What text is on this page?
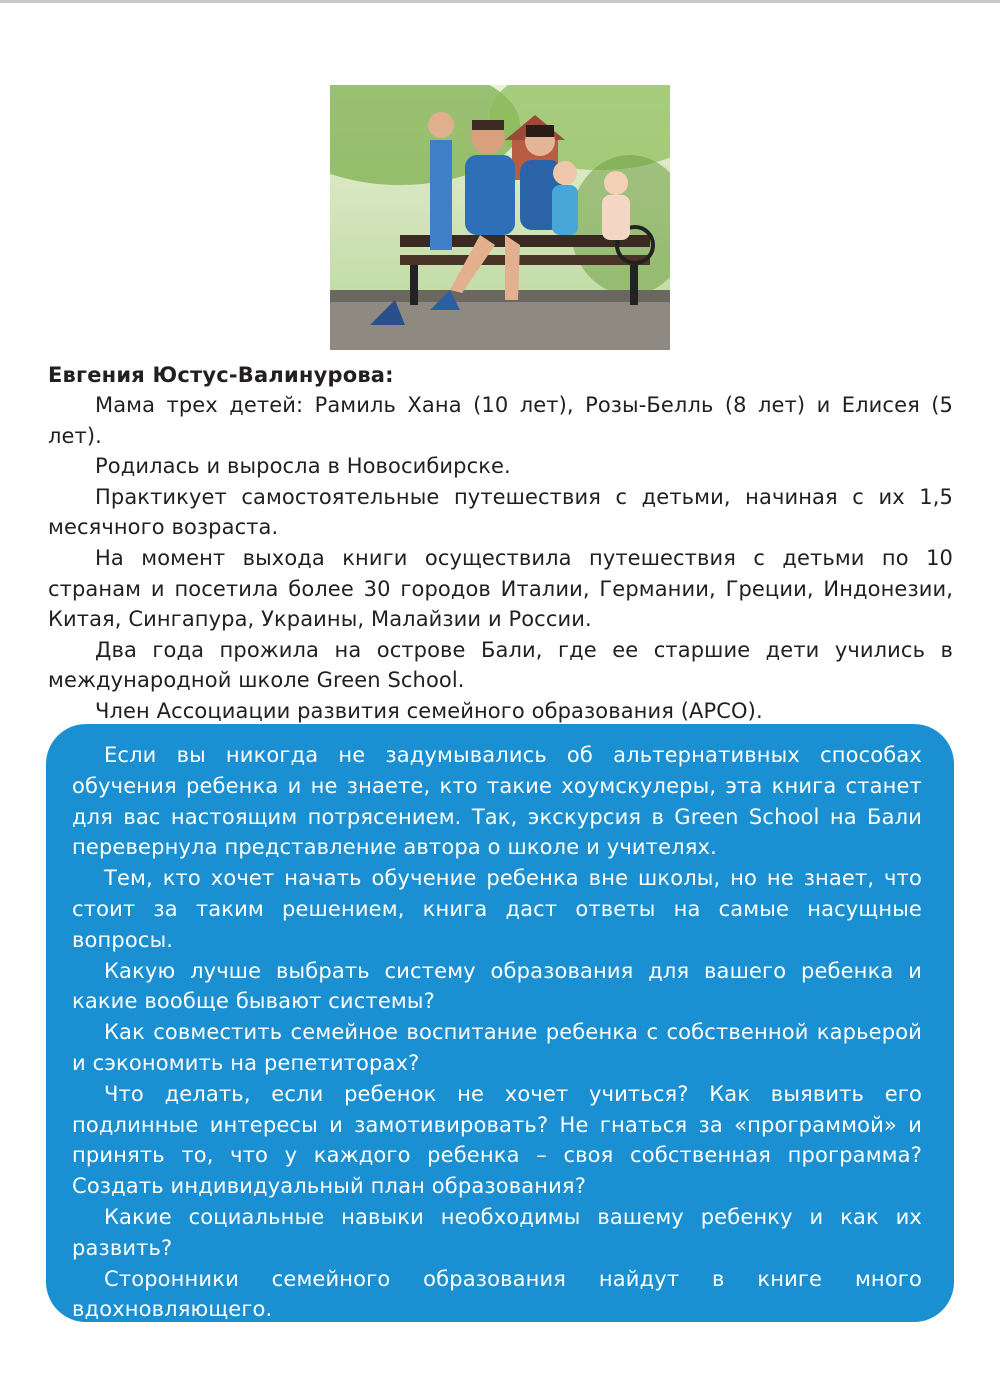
Евгения Юстус-Валинурова:

Мама трех детей: Рамиль Хана (10 лет), Розы-Белль (8 лет) и Елисея (5 лет).

Родилась и выросла в Новосибирске.

Практикует самостоятельные путешествия с детьми, начиная с их 1,5 месячного возраста.

На момент выхода книги осуществила путешествия с детьми по 10 странам и посетила более 30 городов Италии, Германии, Греции, Индонезии, Китая, Сингапура, Украины, Малайзии и России.

Два года прожила на острове Бали, где ее старшие дети учились в международной школе Green School.

Член Ассоциации развития семейного образования (АРСО).

Если вы никогда не задумывались об альтернативных способах обучения ребенка и не знаете, кто такие хоумскулеры, эта книга станет для вас настоящим потрясением. Так, экскурсия в Green School на Бали перевернула представление автора о школе и учителях.

Тем, кто хочет начать обучение ребенка вне школы, но не знает, что стоит за таким решением, книга даст ответы на самые насущные вопросы.

Какую лучше выбрать систему образования для вашего ребенка и какие вообще бывают системы?

Как совместить семейное воспитание ребенка с собственной карьерой и сэкономить на репетиторах?

Что делать, если ребенок не хочет учиться? Как выявить его подлинные интересы и замотивировать? Не гнаться за «программой» и принять то, что у каждого ребенка – своя собственная программа? Создать индивидуальный план образования?

Какие социальные навыки необходимы вашему ребенку и как их развить?

Сторонники семейного образования найдут в книге много вдохновляющего.

Она оснащена огромным перечнем полезных ссылок на развивающие ресурсы, фильмы, книги и многое другое.
